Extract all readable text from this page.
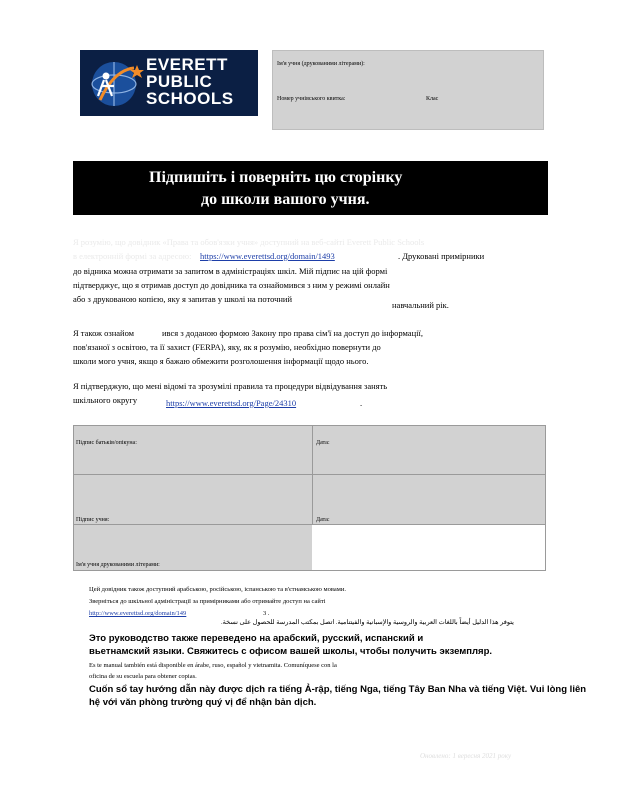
EVERETT
PUBLIC
SCHOOLS
Ім'я учня (друкованими літерами):
Номер учнівського квитка:	Клас
Підпишіть і поверніть цю сторінку
до школи вашого учня.
Я розумію, що довідник «Права та обов'язки учня» доступний на веб-сайті Everett Public Schools
в електронній формі за адресою: https://www.everettsd.org/domain/1493	. Друковані примірники
до відника можна отримати за запитом в адміністраціях шкіл. Мій підпис на цій формі
підтверджує, що я отримав доступ до довідника та ознайомився з ним у режимі онлайн
або з друкованою копією, яку я запитав у школі на поточний
навчальний рік.
Я також ознайом	ився з доданою формою Закону про права сім'ї на доступ до інформації,
пов'язаної з освітою, та її захист (FERPA), яку, як я розумію, необхідно повернути до
школи мого учня, якщо я бажаю обмежити розголошення інформації щодо нього.
Я підтверджую, що мені відомі та зрозумілі правила та процедури відвідування занять
шкільного округу	https://www.everettsd.org/Page/24310	.
Підпис батьків/опікуна:	Дата:
Підпис учня:	Дата:
Ім'я учня друкованими літерами:
Цей довідник також доступний арабською, російською, іспанською та в'єтнамською мовами.
Зверніться до шкільної адміністрації за примірниками або отримайте доступ на сайті
http://www.everettsd.org/domain/149	3 .
يتوفر هذا الدليل أيضاً باللغات العربية والروسية والإسبانية والفيتنامية. اتصل بمكتب المدرسة للحصول على نسخة.
Это руководство также переведено на арабский, русский, испанский и
вьетнамский языки. Свяжитесь с офисом вашей школы, чтобы получить экземпляр.
Es te manual también está disponible en árabe, ruso, español y vietnamita. Comuníquese con la
oficina de su escuela para obtener copias.
Cuốn sổ tay hướng dẫn này được dịch ra tiếng Ả-rập, tiếng Nga, tiếng Tây Ban Nha và tiếng Việt. Vui lòng liên
hệ với văn phòng trường quý vị để nhận bản dịch.
Оновлено: 1 вересня 2021 року
